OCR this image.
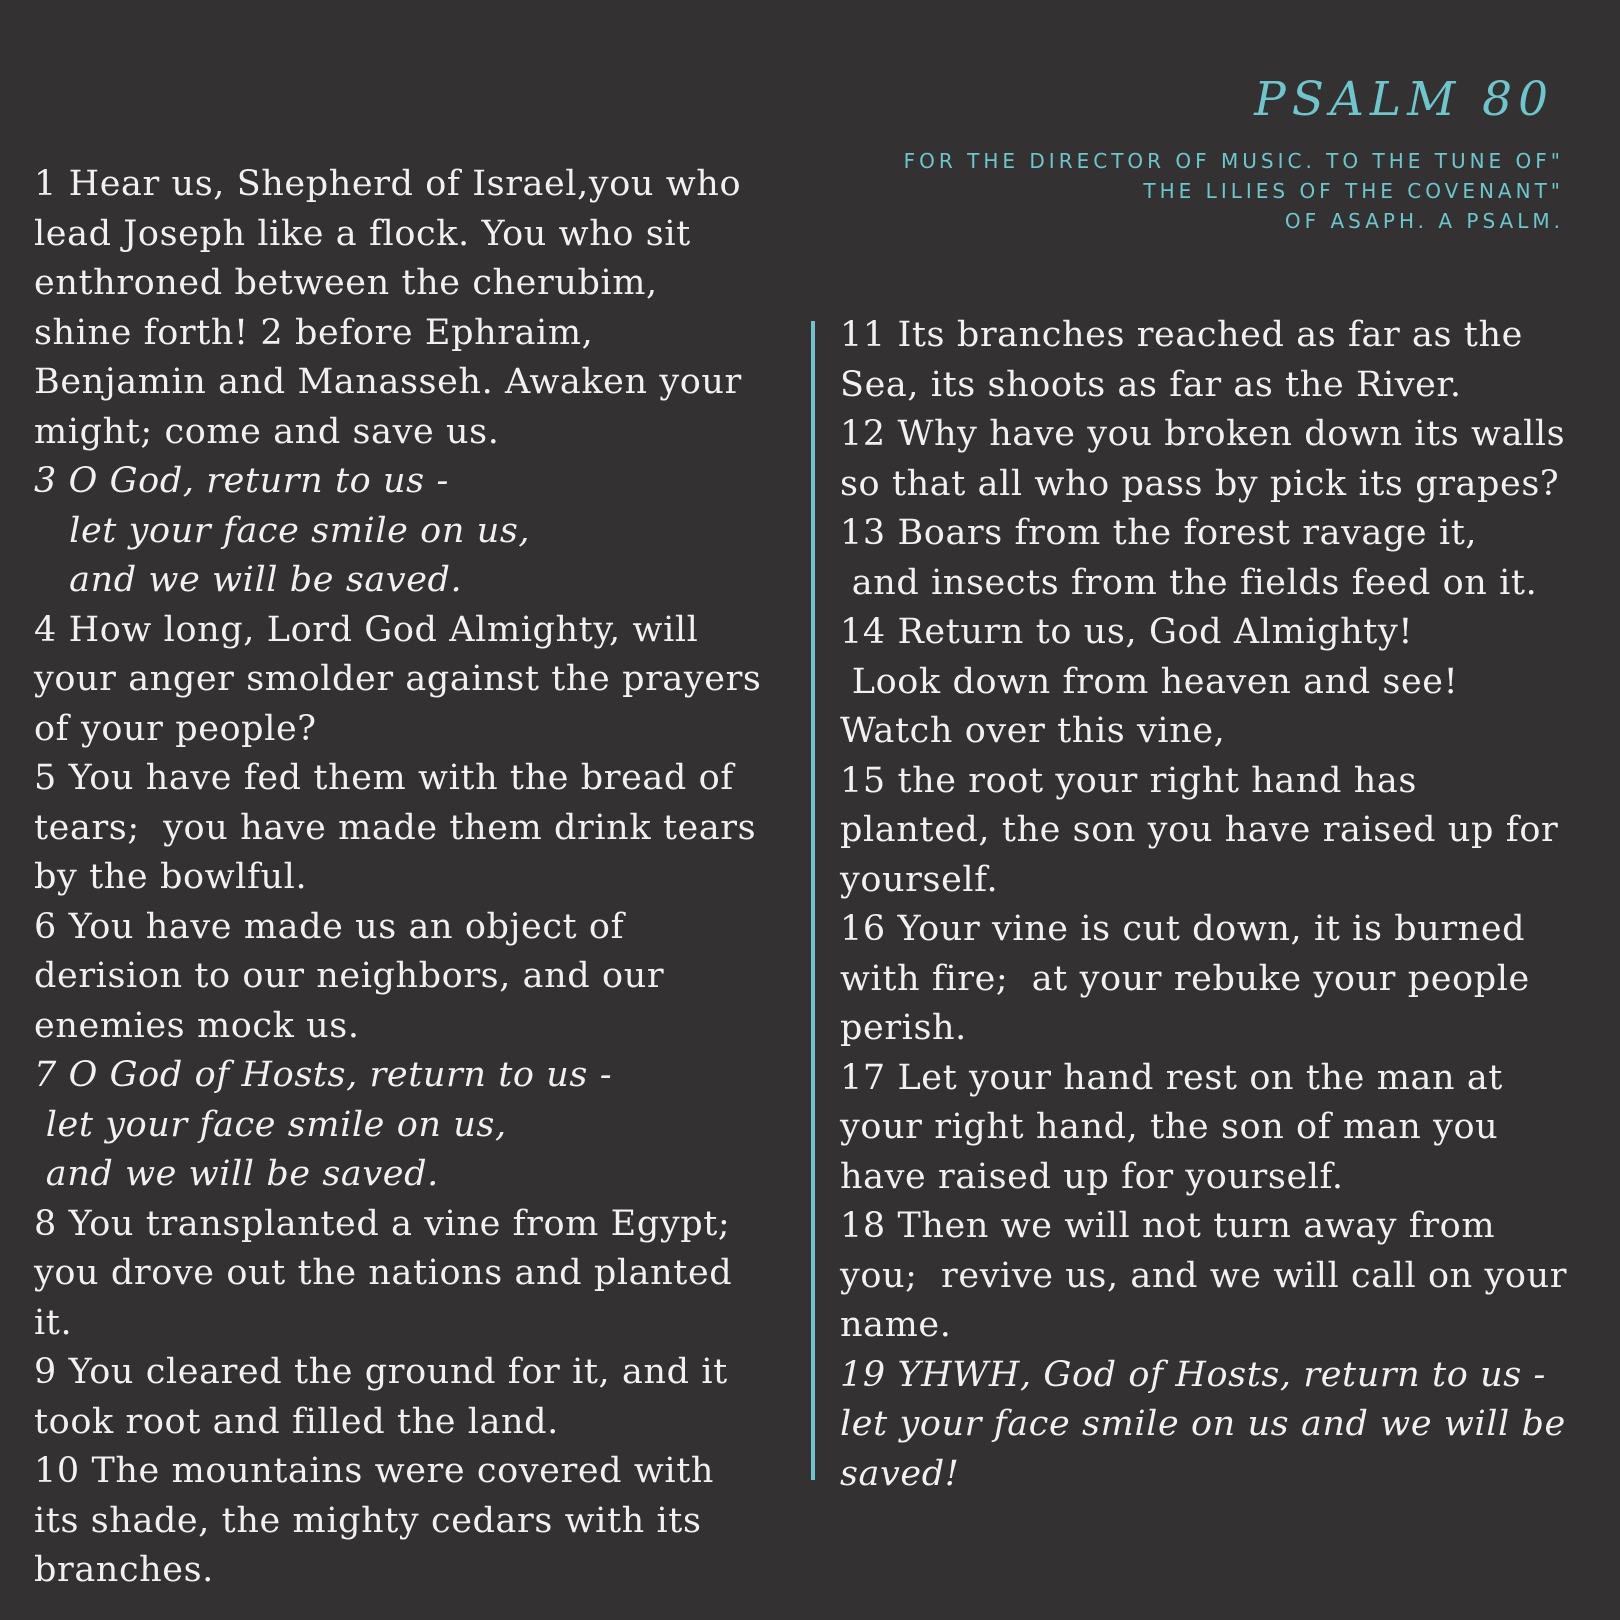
PSALM 80
FOR THE DIRECTOR OF MUSIC. TO THE TUNE OF"
THE LILIES OF THE COVENANT"
OF ASAPH. A PSALM.
1 Hear us, Shepherd of Israel,you who
lead Joseph like a flock. You who sit
enthroned between the cherubim,
shine forth! 2 before Ephraim,
Benjamin and Manasseh. Awaken your
might; come and save us.
3 O God, return to us -
let your face smile on us,
and we will be saved.
4 How long, Lord God Almighty, will
your anger smolder against the prayers
of your people?
5 You have fed them with the bread of
tears;  you have made them drink tears
by the bowlful.
6 You have made us an object of
derision to our neighbors, and our
enemies mock us.
7 O God of Hosts, return to us -
let your face smile on us,
and we will be saved.
8 You transplanted a vine from Egypt;
you drove out the nations and planted
it.
9 You cleared the ground for it, and it
took root and filled the land.
10 The mountains were covered with
its shade, the mighty cedars with its
branches.
11 Its branches reached as far as the
Sea, its shoots as far as the River.
12 Why have you broken down its walls
so that all who pass by pick its grapes?
13 Boars from the forest ravage it,
and insects from the fields feed on it.
14 Return to us, God Almighty!
Look down from heaven and see!
Watch over this vine,
15 the root your right hand has
planted, the son you have raised up for
yourself.
16 Your vine is cut down, it is burned
with fire;  at your rebuke your people
perish.
17 Let your hand rest on the man at
your right hand, the son of man you
have raised up for yourself.
18 Then we will not turn away from
you;  revive us, and we will call on your
name.
19 YHWH, God of Hosts, return to us -
let your face smile on us and we will be
saved!
